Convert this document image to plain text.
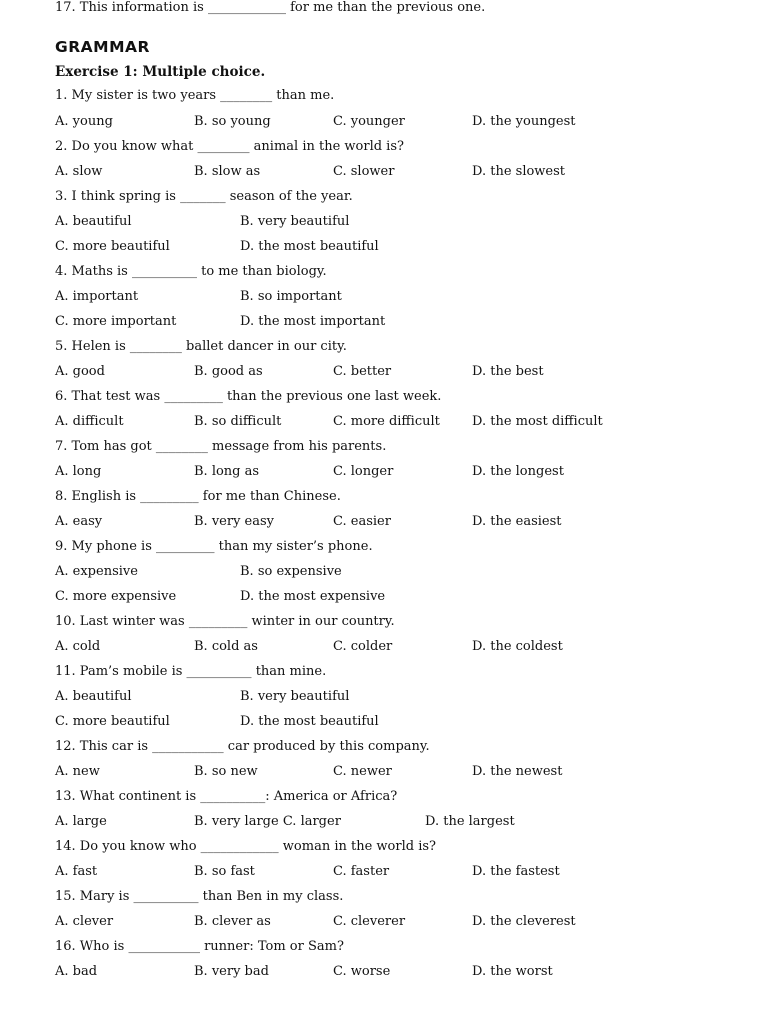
GRAMMAR
Exercise 1: Multiple choice.
1. My sister is two years ________ than me.
A. young	B. so young	C. younger	D. the youngest
2. Do you know what ________ animal in the world is?
A. slow	B. slow as	C. slower	D. the slowest
3. I think spring is _______ season of the year.
A. beautiful	B. very beautiful
C. more beautiful	D. the most beautiful
4. Maths is __________ to me than biology.
A. important	B. so important
C. more important	D. the most important
5. Helen is ________ ballet dancer in our city.
A. good	B. good as	C. better	D. the best
6. That test was _________ than the previous one last week.
A. difficult	B. so difficult	C. more difficult D. the most difficult
7. Tom has got ________ message from his parents.
A. long	B. long as	C. longer	D. the longest
8. English is _________ for me than Chinese.
A. easy	B. very easy	C. easier	D. the easiest
9. My phone is _________ than my sister’s phone.
A. expensive	B. so expensive
C. more expensive	D. the most expensive
10. Last winter was _________ winter in our country.
A. cold	B. cold as	C. colder	D. the coldest
11. Pam’s mobile is __________ than mine.
A. beautiful	B. very beautiful
C. more beautiful	D. the most beautiful
12. This car is ___________ car produced by this company.
A. new	B. so new	C. newer	D. the newest
13. What continent is __________: America or Africa?
A. large	B. very large C. larger	D. the largest
14. Do you know who ____________ woman in the world is?
A. fast	B. so fast	C. faster	D. the fastest
15. Mary is __________ than Ben in my class.
A. clever	B. clever as	C. cleverer	D. the cleverest
16. Who is ___________ runner: Tom or Sam?
A. bad	B. very bad	C. worse	D. the worst
17. This information is ____________ for me than the previous one.
